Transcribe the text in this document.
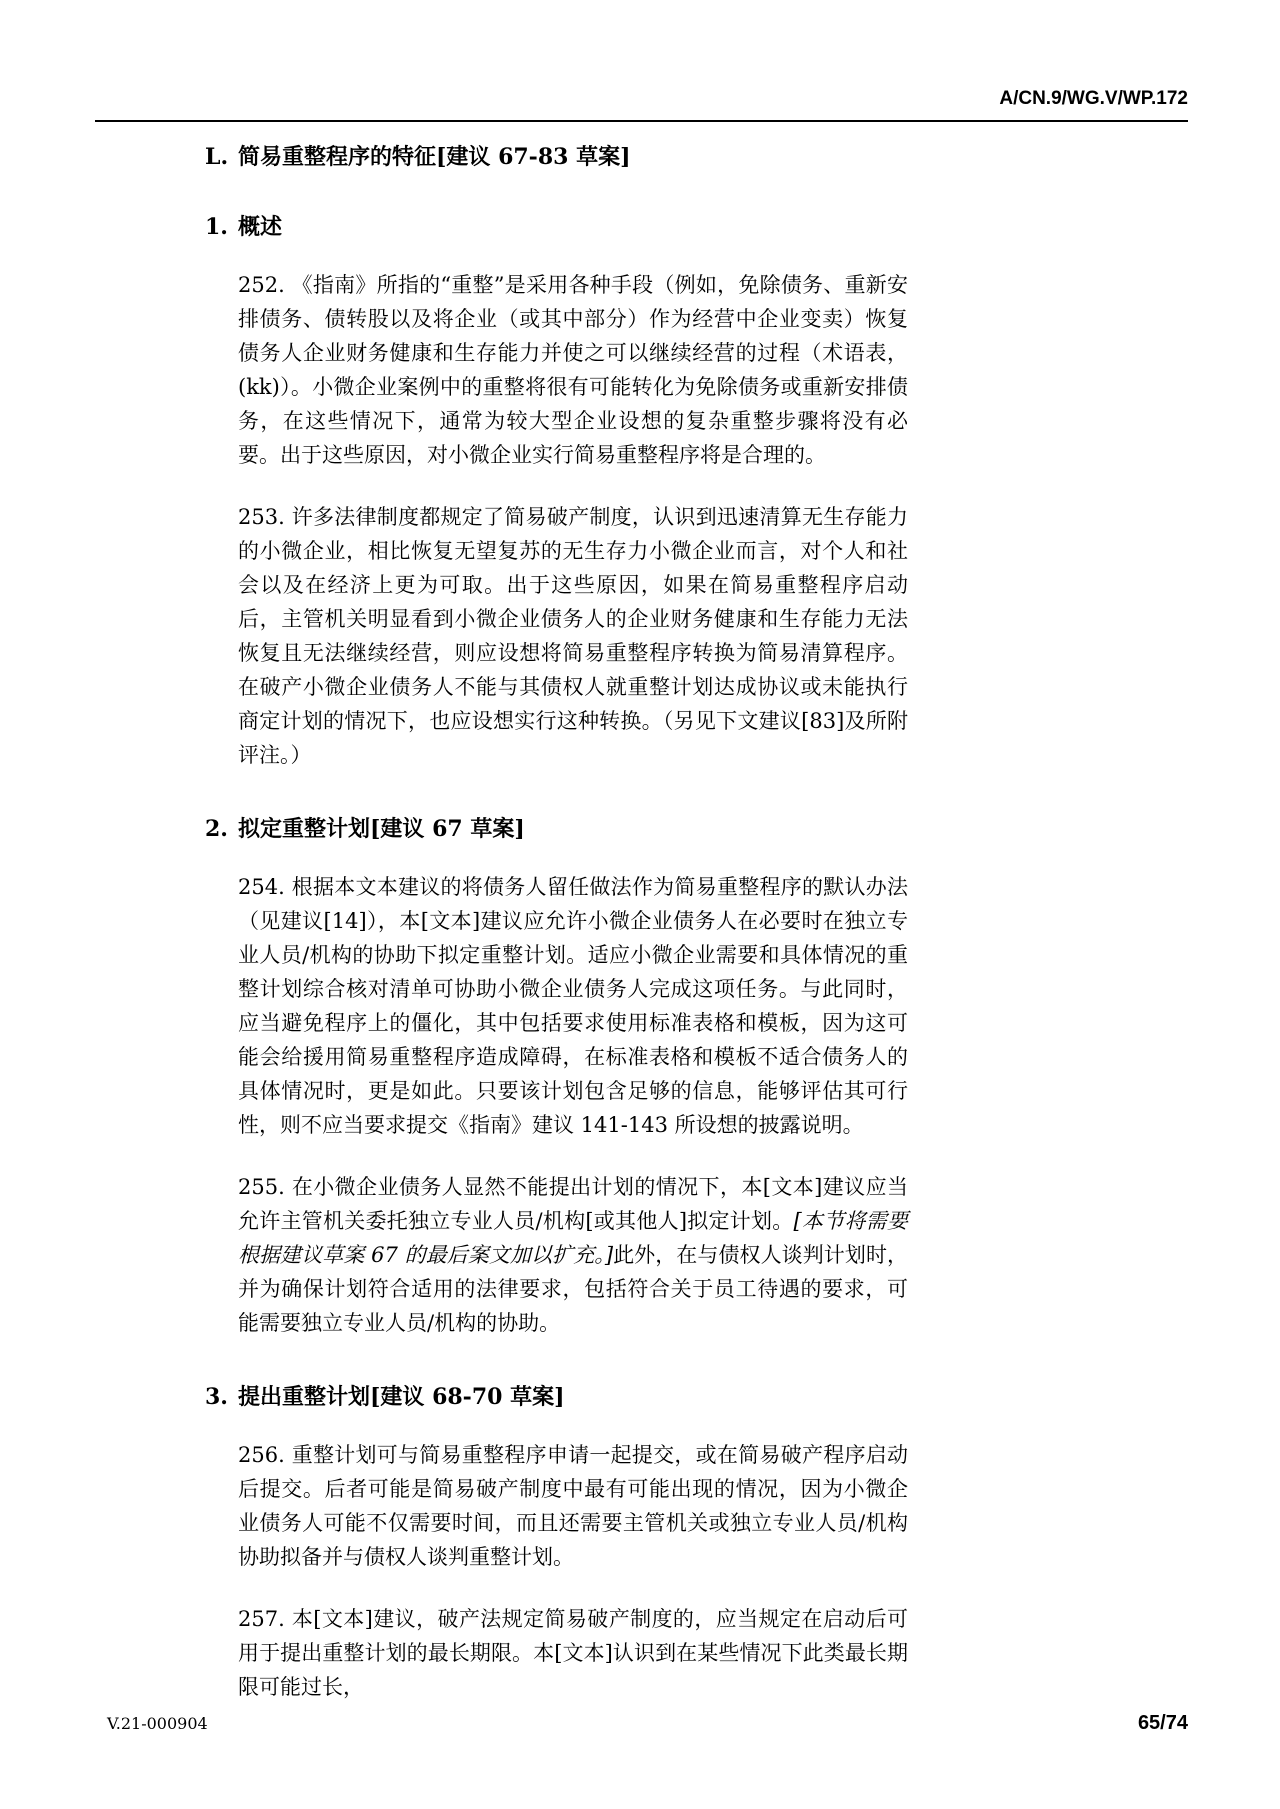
A/CN.9/WG.V/WP.172
L. 简易重整程序的特征[建议 67-83 草案]
1. 概述

252. 《指南》所指的“重整”是采用各种手段（例如，免除债务、重新安排债务、债转股以及将企业（或其中部分）作为经营中企业变卖）恢复债务人企业财务健康和生存能力并使之可以继续经营的过程（术语表，(kk)）。小微企业案例中的重整将很有可能转化为免除债务或重新安排债务，在这些情况下，通常为较大型企业设想的复杂重整步骤将没有必要。出于这些原因，对小微企业实行简易重整程序将是合理的。

253. 许多法律制度都规定了简易破产制度，认识到迅速清算无生存能力的小微企业，相比恢复无望复苏的无生存力小微企业而言，对个人和社会以及在经济上更为可取。出于这些原因，如果在简易重整程序启动后，主管机关明显看到小微企业债务人的企业财务健康和生存能力无法恢复且无法继续经营，则应设想将简易重整程序转换为简易清算程序。在破产小微企业债务人不能与其债权人就重整计划达成协议或未能执行商定计划的情况下，也应设想实行这种转换。（另见下文建议[83]及所附评注。）

2. 拟定重整计划[建议 67 草案]

254. 根据本文本建议的将债务人留任做法作为简易重整程序的默认办法（见建议[14]），本[文本]建议应允许小微企业债务人在必要时在独立专业人员/机构的协助下拟定重整计划。适应小微企业需要和具体情况的重整计划综合核对清单可协助小微企业债务人完成这项任务。与此同时，应当避免程序上的僵化，其中包括要求使用标准表格和模板，因为这可能会给援用简易重整程序造成障碍，在标准表格和模板不适合债务人的具体情况时，更是如此。只要该计划包含足够的信息，能够评估其可行性，则不应当要求提交《指南》建议 141-143 所设想的披露说明。

255. 在小微企业债务人显然不能提出计划的情况下，本[文本]建议应当允许主管机关委托独立专业人员/机构[或其他人]拟定计划。[本节将需要根据建议草案 67 的最后案文加以扩充。]此外，在与债权人谈判计划时，并为确保计划符合适用的法律要求，包括符合关于员工待遇的要求，可能需要独立专业人员/机构的协助。

3. 提出重整计划[建议 68-70 草案]

256. 重整计划可与简易重整程序申请一起提交，或在简易破产程序启动后提交。后者可能是简易破产制度中最有可能出现的情况，因为小微企业债务人可能不仅需要时间，而且还需要主管机关或独立专业人员/机构协助拟备并与债权人谈判重整计划。

257. 本[文本]建议，破产法规定简易破产制度的，应当规定在启动后可用于提出重整计划的最长期限。本[文本]认识到在某些情况下此类最长期限可能过长，

V.21-000904	65/74
